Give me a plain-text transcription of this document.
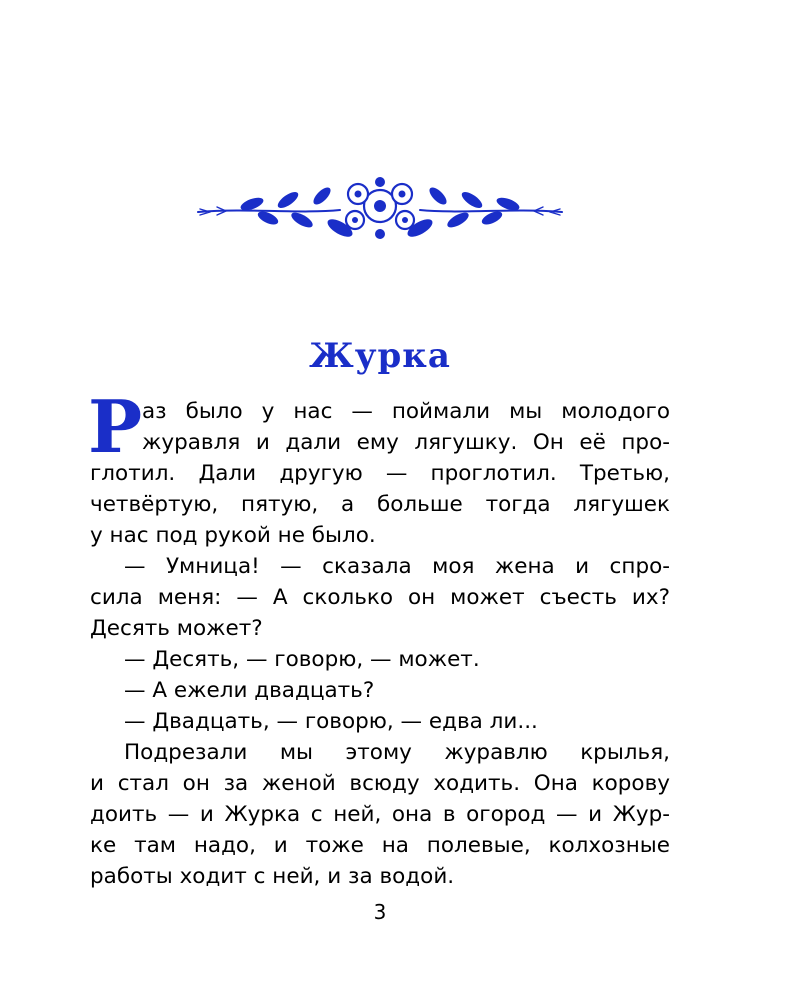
Журка
Р аз было у нас — поймали мы молодого
журавля и дали ему лягушку. Он её про-
глотил. Дали другую — проглотил. Третью,
четвёртую, пятую, а больше тогда лягушек
у нас под рукой не было.
— Умница! — сказала моя жена и спро-
сила меня: — А сколько он может съесть их?
Десять может?
— Десять, — говорю, — может.
— А ежели двадцать?
— Двадцать, — говорю, — едва ли...
Подрезали мы этому журавлю крылья,
и стал он за женой всюду ходить. Она корову
доить — и Журка с ней, она в огород — и Жур-
ке там надо, и тоже на полевые, колхозные
работы ходит с ней, и за водой.
3
